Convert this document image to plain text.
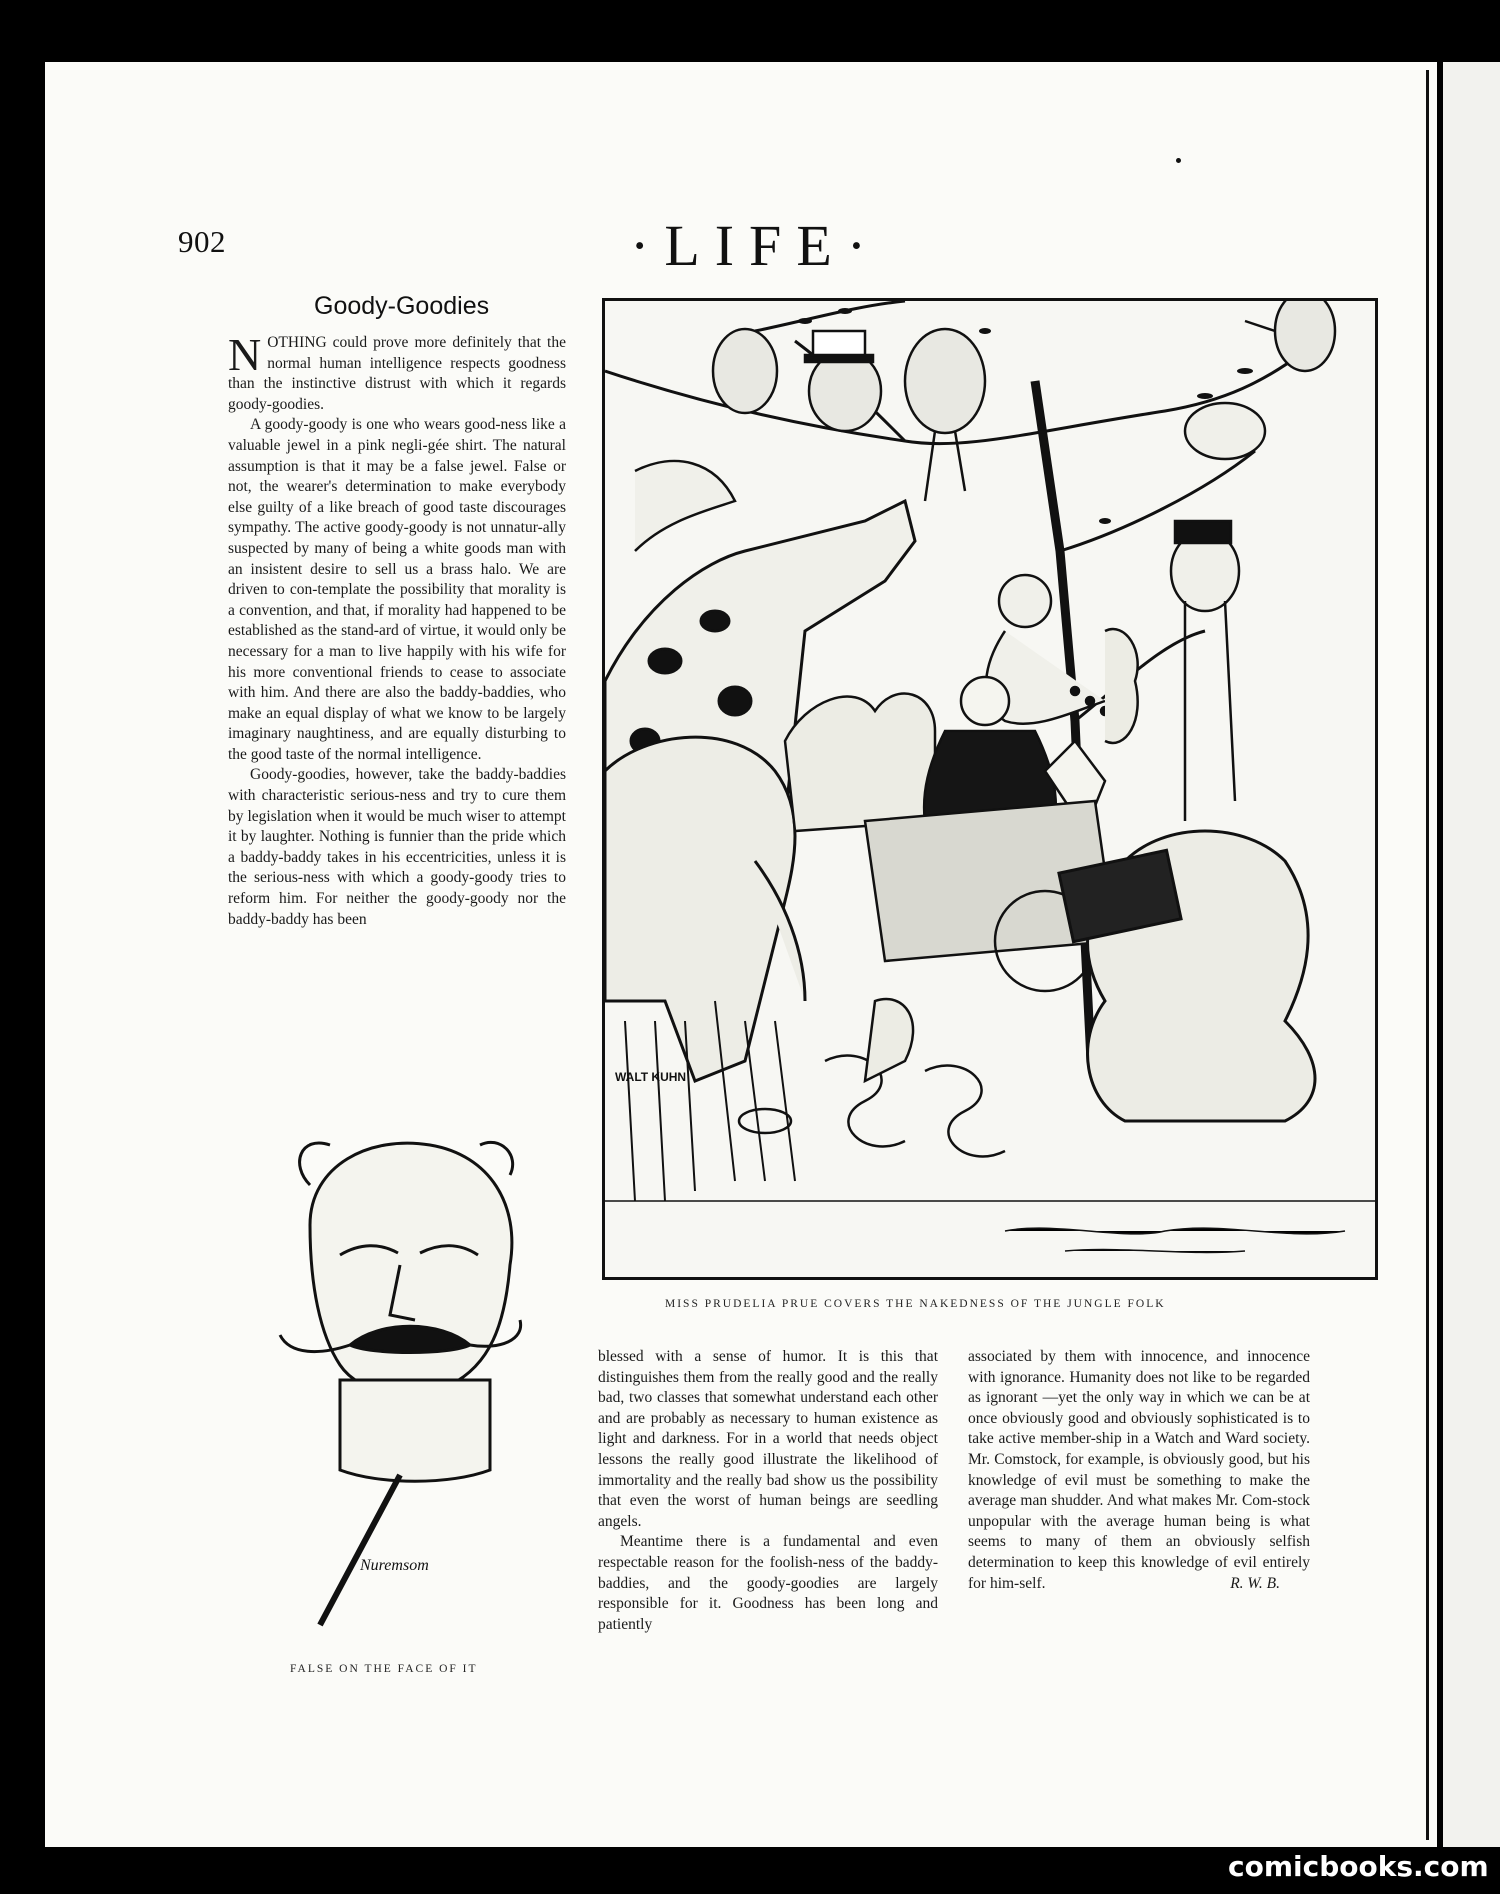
902	·LIFE·
Goody-Goodies

NOTHING could prove more definitely that the normal human intelligence respects goodness than the instinctive distrust with which it regards goody-goodies.

A goody-goody is one who wears good-ness like a valuable jewel in a pink negli-gée shirt. The natural assumption is that it may be a false jewel. False or not, the wearer's determination to make everybody else guilty of a like breach of good taste discourages sympathy. The active goody-goody is not unnatur-ally suspected by many of being a white goods man with an insistent desire to sell us a brass halo. We are driven to con-template the possibility that morality is a convention, and that, if morality had happened to be established as the stand-ard of virtue, it would only be necessary for a man to live happily with his wife for his more conventional friends to cease to associate with him. And there are also the baddy-baddies, who make an equal display of what we know to be largely imaginary naughtiness, and are equally disturbing to the good taste of the normal intelligence.

Goody-goodies, however, take the baddy-baddies with characteristic serious-ness and try to cure them by legislation when it would be much wiser to attempt it by laughter. Nothing is funnier than the pride which a baddy-baddy takes in his eccentricities, unless it is the serious-ness with which a goody-goody tries to reform him. For neither the goody-goody nor the baddy-baddy has been

WALT KUHN
MISS PRUDELIA PRUE COVERS THE NAKEDNESS OF THE JUNGLE FOLK
Nuremsom
FALSE ON THE FACE OF IT

blessed with a sense of humor. It is this that distinguishes them from the really good and the really bad, two classes that somewhat understand each other and are probably as necessary to human existence as light and darkness. For in a world that needs object lessons the really good illustrate the likelihood of immortality and the really bad show us the possibility that even the worst of human beings are seedling angels.

Meantime there is a fundamental and even respectable reason for the foolish-ness of the baddy-baddies, and the goody-goodies are largely responsible for it. Goodness has been long and patiently

associated by them with innocence, and innocence with ignorance. Humanity does not like to be regarded as ignorant —yet the only way in which we can be at once obviously good and obviously sophisticated is to take active member-ship in a Watch and Ward society. Mr. Comstock, for example, is obviously good, but his knowledge of evil must be something to make the average man shudder. And what makes Mr. Com-stock unpopular with the average human being is what seems to many of them an obviously selfish determination to keep this knowledge of evil entirely for him-self.	R. W. B.

comicbooks.com
